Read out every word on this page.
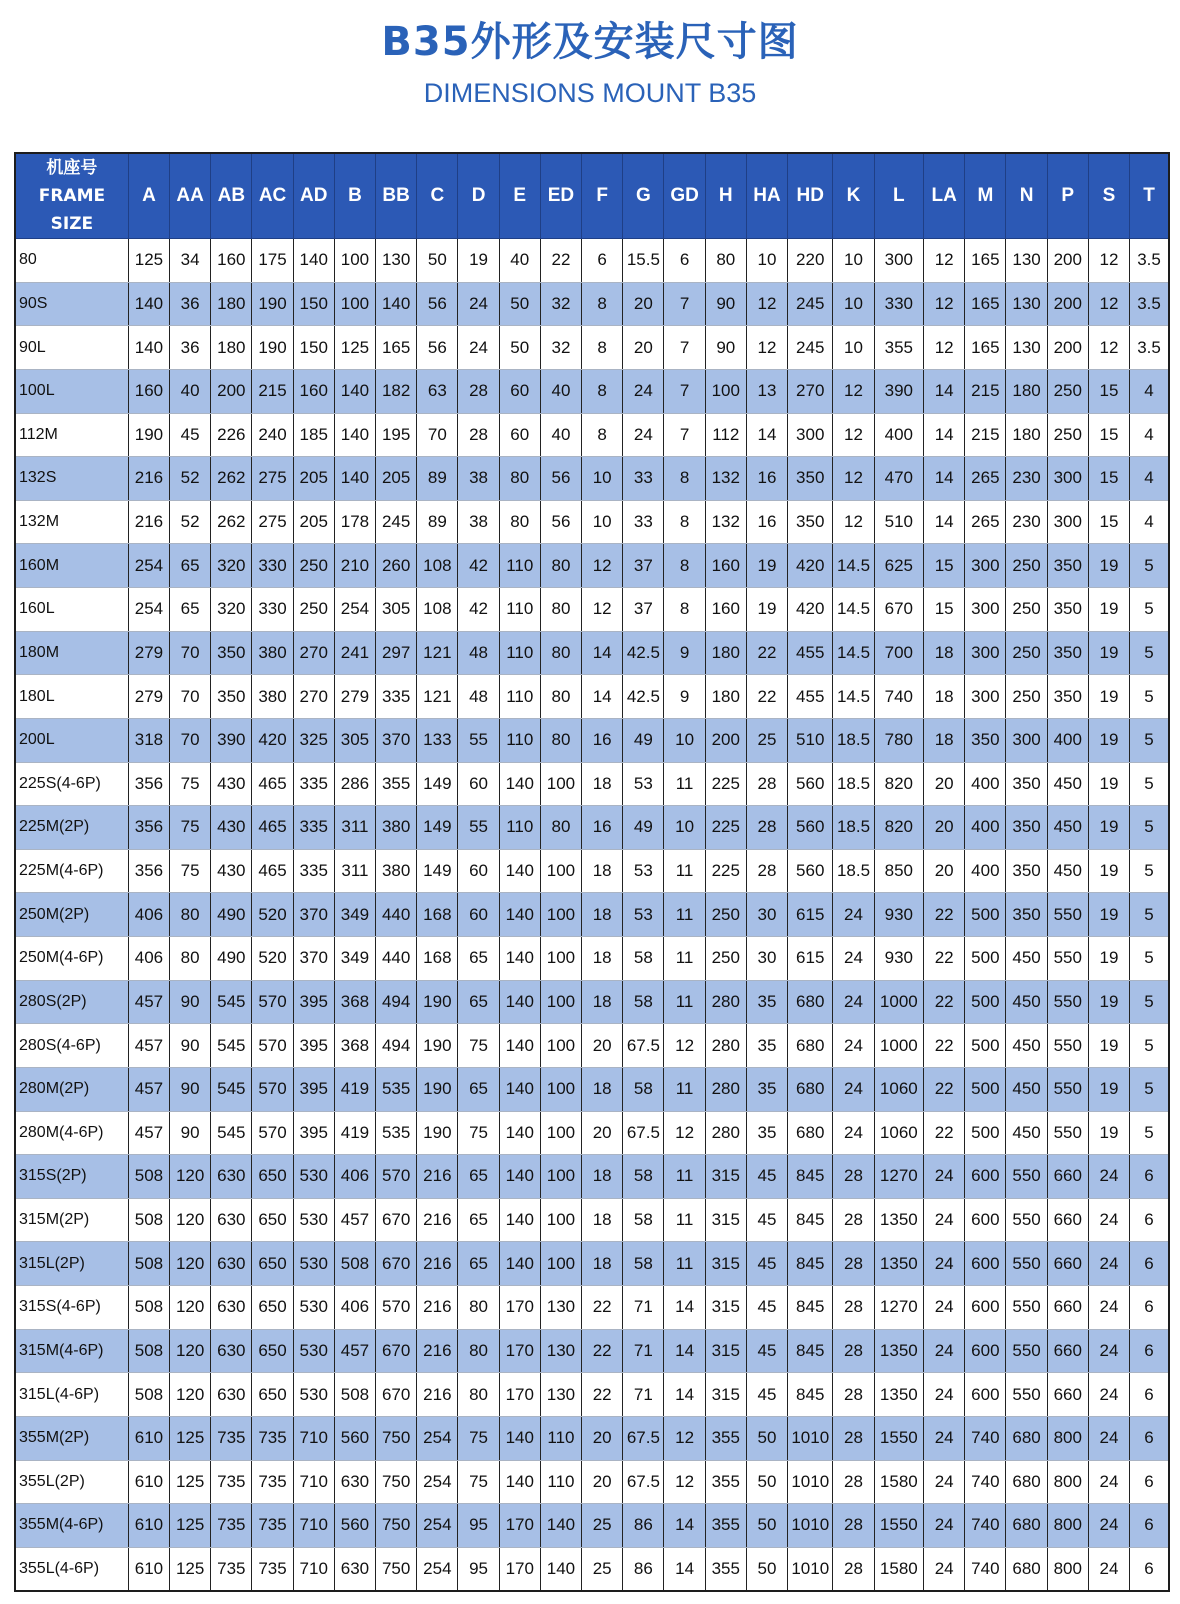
B35外形及安装尺寸图
DIMENSIONS MOUNT B35
机座号
FRAME
SIZE	A	AA	AB	AC	AD	B	BB	C	D	E	ED	F	G	GD	H	HA	HD	K	L	LA	M	N	P	S	T
80	125	34	160	175	140	100	130	50	19	40	22	6	15.5	6	80	10	220	10	300	12	165	130	200	12	3.5
90S	140	36	180	190	150	100	140	56	24	50	32	8	20	7	90	12	245	10	330	12	165	130	200	12	3.5
90L	140	36	180	190	150	125	165	56	24	50	32	8	20	7	90	12	245	10	355	12	165	130	200	12	3.5
100L	160	40	200	215	160	140	182	63	28	60	40	8	24	7	100	13	270	12	390	14	215	180	250	15	4
112M	190	45	226	240	185	140	195	70	28	60	40	8	24	7	112	14	300	12	400	14	215	180	250	15	4
132S	216	52	262	275	205	140	205	89	38	80	56	10	33	8	132	16	350	12	470	14	265	230	300	15	4
132M	216	52	262	275	205	178	245	89	38	80	56	10	33	8	132	16	350	12	510	14	265	230	300	15	4
160M	254	65	320	330	250	210	260	108	42	110	80	12	37	8	160	19	420	14.5	625	15	300	250	350	19	5
160L	254	65	320	330	250	254	305	108	42	110	80	12	37	8	160	19	420	14.5	670	15	300	250	350	19	5
180M	279	70	350	380	270	241	297	121	48	110	80	14	42.5	9	180	22	455	14.5	700	18	300	250	350	19	5
180L	279	70	350	380	270	279	335	121	48	110	80	14	42.5	9	180	22	455	14.5	740	18	300	250	350	19	5
200L	318	70	390	420	325	305	370	133	55	110	80	16	49	10	200	25	510	18.5	780	18	350	300	400	19	5
225S(4-6P)	356	75	430	465	335	286	355	149	60	140	100	18	53	11	225	28	560	18.5	820	20	400	350	450	19	5
225M(2P)	356	75	430	465	335	311	380	149	55	110	80	16	49	10	225	28	560	18.5	820	20	400	350	450	19	5
225M(4-6P)	356	75	430	465	335	311	380	149	60	140	100	18	53	11	225	28	560	18.5	850	20	400	350	450	19	5
250M(2P)	406	80	490	520	370	349	440	168	60	140	100	18	53	11	250	30	615	24	930	22	500	350	550	19	5
250M(4-6P)	406	80	490	520	370	349	440	168	65	140	100	18	58	11	250	30	615	24	930	22	500	450	550	19	5
280S(2P)	457	90	545	570	395	368	494	190	65	140	100	18	58	11	280	35	680	24	1000	22	500	450	550	19	5
280S(4-6P)	457	90	545	570	395	368	494	190	75	140	100	20	67.5	12	280	35	680	24	1000	22	500	450	550	19	5
280M(2P)	457	90	545	570	395	419	535	190	65	140	100	18	58	11	280	35	680	24	1060	22	500	450	550	19	5
280M(4-6P)	457	90	545	570	395	419	535	190	75	140	100	20	67.5	12	280	35	680	24	1060	22	500	450	550	19	5
315S(2P)	508	120	630	650	530	406	570	216	65	140	100	18	58	11	315	45	845	28	1270	24	600	550	660	24	6
315M(2P)	508	120	630	650	530	457	670	216	65	140	100	18	58	11	315	45	845	28	1350	24	600	550	660	24	6
315L(2P)	508	120	630	650	530	508	670	216	65	140	100	18	58	11	315	45	845	28	1350	24	600	550	660	24	6
315S(4-6P)	508	120	630	650	530	406	570	216	80	170	130	22	71	14	315	45	845	28	1270	24	600	550	660	24	6
315M(4-6P)	508	120	630	650	530	457	670	216	80	170	130	22	71	14	315	45	845	28	1350	24	600	550	660	24	6
315L(4-6P)	508	120	630	650	530	508	670	216	80	170	130	22	71	14	315	45	845	28	1350	24	600	550	660	24	6
355M(2P)	610	125	735	735	710	560	750	254	75	140	110	20	67.5	12	355	50	1010	28	1550	24	740	680	800	24	6
355L(2P)	610	125	735	735	710	630	750	254	75	140	110	20	67.5	12	355	50	1010	28	1580	24	740	680	800	24	6
355M(4-6P)	610	125	735	735	710	560	750	254	95	170	140	25	86	14	355	50	1010	28	1550	24	740	680	800	24	6
355L(4-6P)	610	125	735	735	710	630	750	254	95	170	140	25	86	14	355	50	1010	28	1580	24	740	680	800	24	6
